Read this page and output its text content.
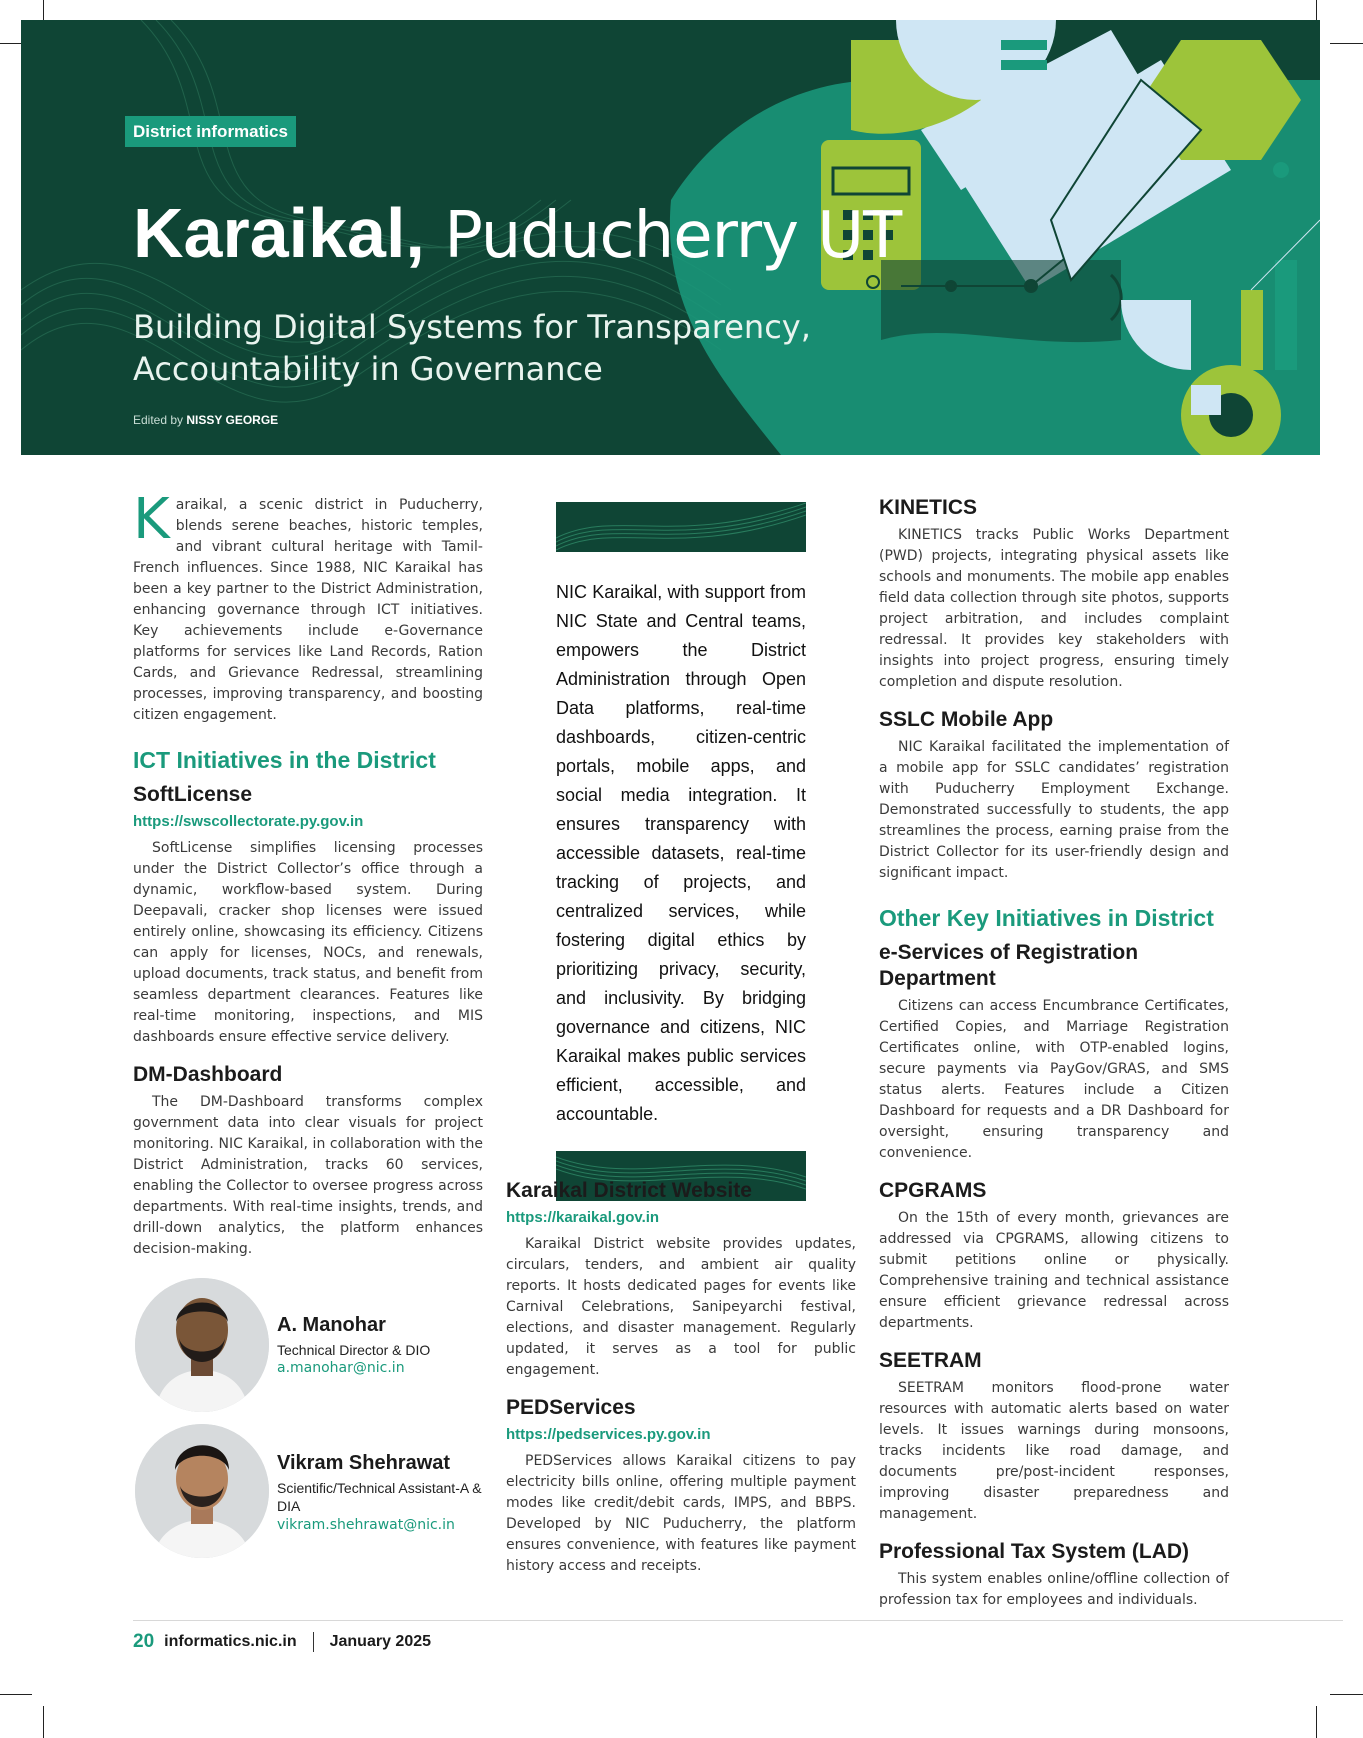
District informatics
Karaikal, Puducherry UT
Building Digital Systems for Transparency,
Accountability in Governance
Edited by NISSY GEORGE

Karaikal, a scenic district in Puducherry, blends serene beaches, historic temples, and vibrant cultural heritage with Tamil-French influences. Since 1988, NIC Karaikal has been a key partner to the District Administration, enhancing governance through ICT initiatives. Key achievements include e-Governance platforms for services like Land Records, Ration Cards, and Grievance Redressal, streamlining processes, improving transparency, and boosting citizen engagement.

ICT Initiatives in the District
SoftLicense
https://swscollectorate.py.gov.in

SoftLicense simplifies licensing processes under the District Collector’s office through a dynamic, workflow-based system. During Deepavali, cracker shop licenses were issued entirely online, showcasing its efficiency. Citizens can apply for licenses, NOCs, and renewals, upload documents, track status, and benefit from seamless department clearances. Features like real-time monitoring, inspections, and MIS dashboards ensure effective service delivery.

DM-Dashboard

The DM-Dashboard transforms complex government data into clear visuals for project monitoring. NIC Karaikal, in collaboration with the District Administration, tracks 60 services, enabling the Collector to oversee progress across departments. With real-time insights, trends, and drill-down analytics, the platform enhances decision-making.

A. Manohar
Technical Director & DIO
a.manohar@nic.in
Vikram Shehrawat
Scientific/Technical Assistant-A & DIA
vikram.shehrawat@nic.in
NIC Karaikal, with support from NIC State and Central teams, empowers the District Administration through Open Data platforms, real-time dashboards, citizen-centric portals, mobile apps, and social media integration. It ensures transparency with accessible datasets, real-time tracking of projects, and centralized services, while fostering digital ethics by prioritizing privacy, security, and inclusivity. By bridging governance and citizens, NIC Karaikal makes public services efficient, accessible, and accountable.
Karaikal District Website
https://karaikal.gov.in

Karaikal District website provides updates, circulars, tenders, and ambient air quality reports. It hosts dedicated pages for events like Carnival Celebrations, Sanipeyarchi festival, elections, and disaster management. Regularly updated, it serves as a tool for public engagement.

PEDServices
https://pedservices.py.gov.in

PEDServices allows Karaikal citizens to pay electricity bills online, offering multiple payment modes like credit/debit cards, IMPS, and BBPS. Developed by NIC Puducherry, the platform ensures convenience, with features like payment history access and receipts.

KINETICS

KINETICS tracks Public Works Department (PWD) projects, integrating physical assets like schools and monuments. The mobile app enables field data collection through site photos, supports project arbitration, and includes complaint redressal. It provides key stakeholders with insights into project progress, ensuring timely completion and dispute resolution.

SSLC Mobile App

NIC Karaikal facilitated the implementation of a mobile app for SSLC candidates’ registration with Puducherry Employment Exchange. Demonstrated successfully to students, the app streamlines the process, earning praise from the District Collector for its user-friendly design and significant impact.

Other Key Initiatives in District
e-Services of Registration Department

Citizens can access Encumbrance Certificates, Certified Copies, and Marriage Registration Certificates online, with OTP-enabled logins, secure payments via PayGov/GRAS, and SMS status alerts. Features include a Citizen Dashboard for requests and a DR Dashboard for oversight, ensuring transparency and convenience.

CPGRAMS

On the 15th of every month, grievances are addressed via CPGRAMS, allowing citizens to submit petitions online or physically. Comprehensive training and technical assistance ensure efficient grievance redressal across departments.

SEETRAM

SEETRAM monitors flood-prone water resources with automatic alerts based on water levels. It issues warnings during monsoons, tracks incidents like road damage, and documents pre/post-incident responses, improving disaster preparedness and management.

Professional Tax System (LAD)

This system enables online/offline collection of profession tax for employees and individuals.

20 informatics.nic.in January 2025
